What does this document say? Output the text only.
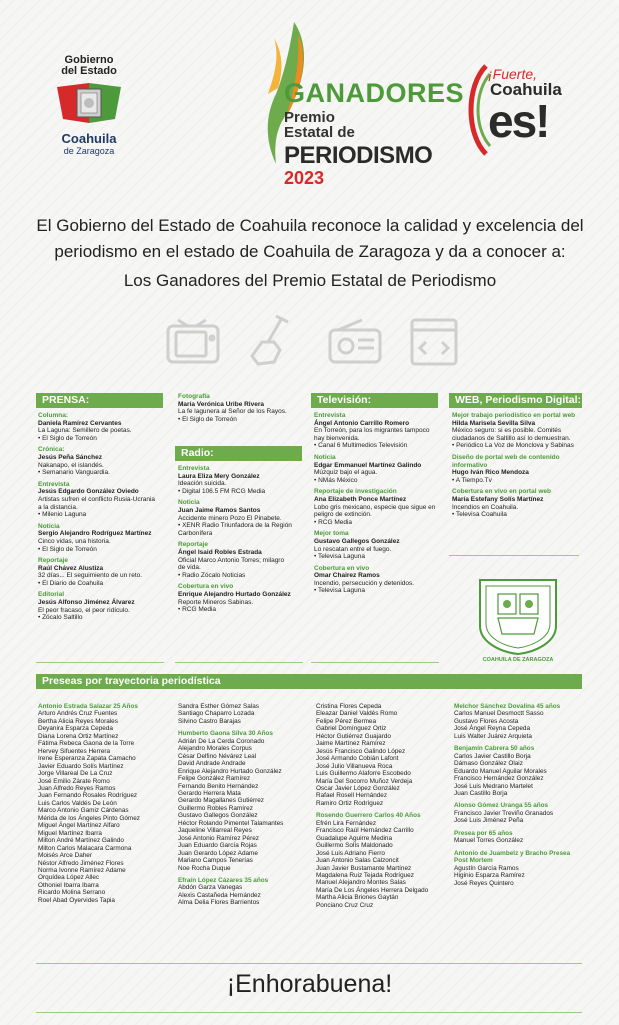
Gobierno
del Estado
Coahuila
de Zaragoza
GANADORES
Premio
Estatal de
PERIODISMO
2023
¡Fuerte,
Coahuila
es!
El Gobierno del Estado de Coahuila reconoce la calidad y excelencia del
periodismo en el estado de Coahuila de Zaragoza y da a conocer a:
Los Ganadores del Premio Estatal de Periodismo
PRENSA:
Columna:
Daniela Ramírez Cervantes
La Laguna: Semillero de poetas.
• El Siglo de Torreón
Crónica:
Jesús Peña Sánchez
Nakanapo, el islandés.
• Semanario Vanguardia.
Entrevista
Jesús Edgardo González Oviedo
Artistas sufren el conflicto Rusia-Ucrania
a la distancia.
• Milenio Laguna
Noticia
Sergio Alejandro Rodríguez Martínez
Cinco vidas, una historia.
• El Siglo de Torreón
Reportaje
Raúl Chávez Alustiza
32 días... El seguimiento de un reto.
• El Diario de Coahuila
Editorial
Jesús Alfonso Jiménez Álvarez
El peor fracaso, el peor ridículo.
• Zócalo Saltillo
Fotografía
María Verónica Uribe Rivera
La fe lagunera al Señor de los Rayos.
• El Siglo de Torreón
Radio:
Entrevista
Laura Eliza Mery González
Ideación suicida.
• Digital 106.5 FM RCG Media
Noticia
Juan Jaime Ramos Santos
Accidente minero Pozo El Pinabete.
• XENR Radio Triunfadora de la Región
Carbonífera
Reportaje
Ángel Isaid Robles Estrada
Oficial Marco Antonio Torres; milagro
de vida.
• Radio Zócalo Noticias
Cobertura en vivo
Enrique Alejandro Hurtado González
Reporte Mineros Sabinas.
• RCG Media
Televisión:
Entrevista
Ángel Antonio Carrillo Romero
En Torreón, para los migrantes tampoco
hay bienvenida.
• Canal 6 Multimedios Televisión
Noticia
Edgar Emmanuel Martínez Galindo
Múzquiz bajo el agua.
• NMás México
Reportaje de investigación
Ana Elizabeth Ponce Martínez
Lobo gris mexicano, especie que sigue en
peligro de extinción.
• RCG Media
Mejor toma
Gustavo Gallegos González
Lo rescatan entre el fuego.
• Televisa Laguna
Cobertura en vivo
Omar Chairez Ramos
Incendio, persecución y detenidos.
• Televisa Laguna
WEB, Periodismo Digital:
Mejor trabajo periodístico en portal web
Hilda Marisela Sevilla Silva
México seguro: si es posible. Comités
ciudadanos de Saltillo así lo demuestran.
• Periódico La Voz de Monclova y Sabinas
Diseño de portal web de contenido informativo
Hugo Iván Rico Mendoza
• A Tiempo.Tv
Cobertura en vivo en portal web
María Estefany Solís Martínez
Incendios en Coahuila.
• Televisa Coahuila
COAHUILA DE ZARAGOZA
Preseas por trayectoria periodística
Antonio Estrada Salazar 25 Años
Arturo Andrés Cruz Fuentes
Bertha Alicia Reyes Morales
Deyanira Esparza Cepeda
Diana Lorena Ortiz Martínez
Fátima Rebeca Gaona de la Torre
Hervey Sifuentes Herrera
Irene Esperanza Zapata Camacho
Javier Eduardo Solís Martínez
Jorge Villareal De La Cruz
José Emilio Zárate Romo
Juan Alfredo Reyes Ramos
Juan Fernando Rosales Rodríguez
Luis Carlos Valdés De León
Marco Antonio Gamiz Cárdenas
Mérida de los Ángeles Pinto Gómez
Miguel Ángel Martínez Alfaro
Miguel Martínez Ibarra
Milton André Martínez Galindo
Milton Carlos Malacara Carmona
Moisés Arce Daher
Néstor Alfredo Jiménez Flores
Norma Ivonne Ramírez Adame
Orquídea López Allec
Othoniel Ibarra Ibarra
Ricardo Molina Serrano
Roel Abad Oyervides Tapia
Sandra Esther Gómez Salas
Santiago Chaparro Lozada
Silvino Castro Barajas
Humberto Gaona Silva 30 Años
Adrián De La Cerda Coronado
Alejandro Morales Corpus
César Delfino Névárez Leal
David Andrade Andrade
Enrique Alejandro Hurtado González
Felipe González Ramírez
Fernando Benito Hernández
Gerardo Herrera Mata
Gerardo Magallanes Gutiérrez
Guillermo Robles Ramírez
Gustavo Gallegos González
Héctor Rolando Pimentel Talamantes
Jaqueline Villarreal Reyes
José Antonio Ramírez Pérez
Juan Eduardo García Rojas
Juan Gerardo López Adame
Mariano Campos Tenerías
Noe Rocha Duque
Efraín López Cázares 35 años
Abdón Garza Vanegas
Alexis Castañeda Hernández
Alma Delia Flores Barrientos
Cristina Flores Cepeda
Eleazar Daniel Valdés Romo
Felipe Pérez Bermea
Gabriel Domínguez Ortiz
Héctor Gutiérrez Guajardo
Jaime Martínez Ramírez
Jesús Francisco Galindo López
José Armando Cobián Lafont
José Julio Villanueva Roca
Luis Guillermo Alaforre Escobedo
María Del Socorro Muñoz Verdeja
Oscar Javier López González
Rafael Rosell Hernández
Ramiro Ortiz Rodríguez
Rosendo Guerrero Carlos 40 Años
Efrén Lira Fernández
Francisco Raúl Hernández Carrillo
Guadalupe Aguirre Medina
Guillermo Solís Maldonado
José Luis Adriano Fierro
Juan Antonio Salas Calzoncit
Juan Javier Bustamante Martínez
Magdalena Ruiz Tejada Rodríguez
Manuel Alejandro Montes Salas
María De Los Ángeles Herrera Delgado
Martha Alicia Briones Gaytán
Ponciano Cruz Cruz
Melchor Sánchez Dovalina 45 años
Carlos Manuel Desmoctt Sasso
Gustavo Flores Acosta
José Ángel Reyna Cepeda
Luis Walter Juárez Arquieta
Benjamín Cabrera 50 años
Carlos Javier Castillo Borja
Dámaso González Olaiz
Eduardo Manuel Aguilar Morales
Francisco Hernández González
José Luis Medrano Martelet
Juan Castillo Borja
Alonso Gómez Uranga 55 años
Francisco Javier Treviño Granados
José Luis Jiménez Peña
Presea por 65 años
Manuel Torres González
Antonio de Juambelz y Bracho Presea Post Mortem
Agustín García Ramos
Higinio Esparza Ramírez
José Reyes Quintero
¡Enhorabuena!
